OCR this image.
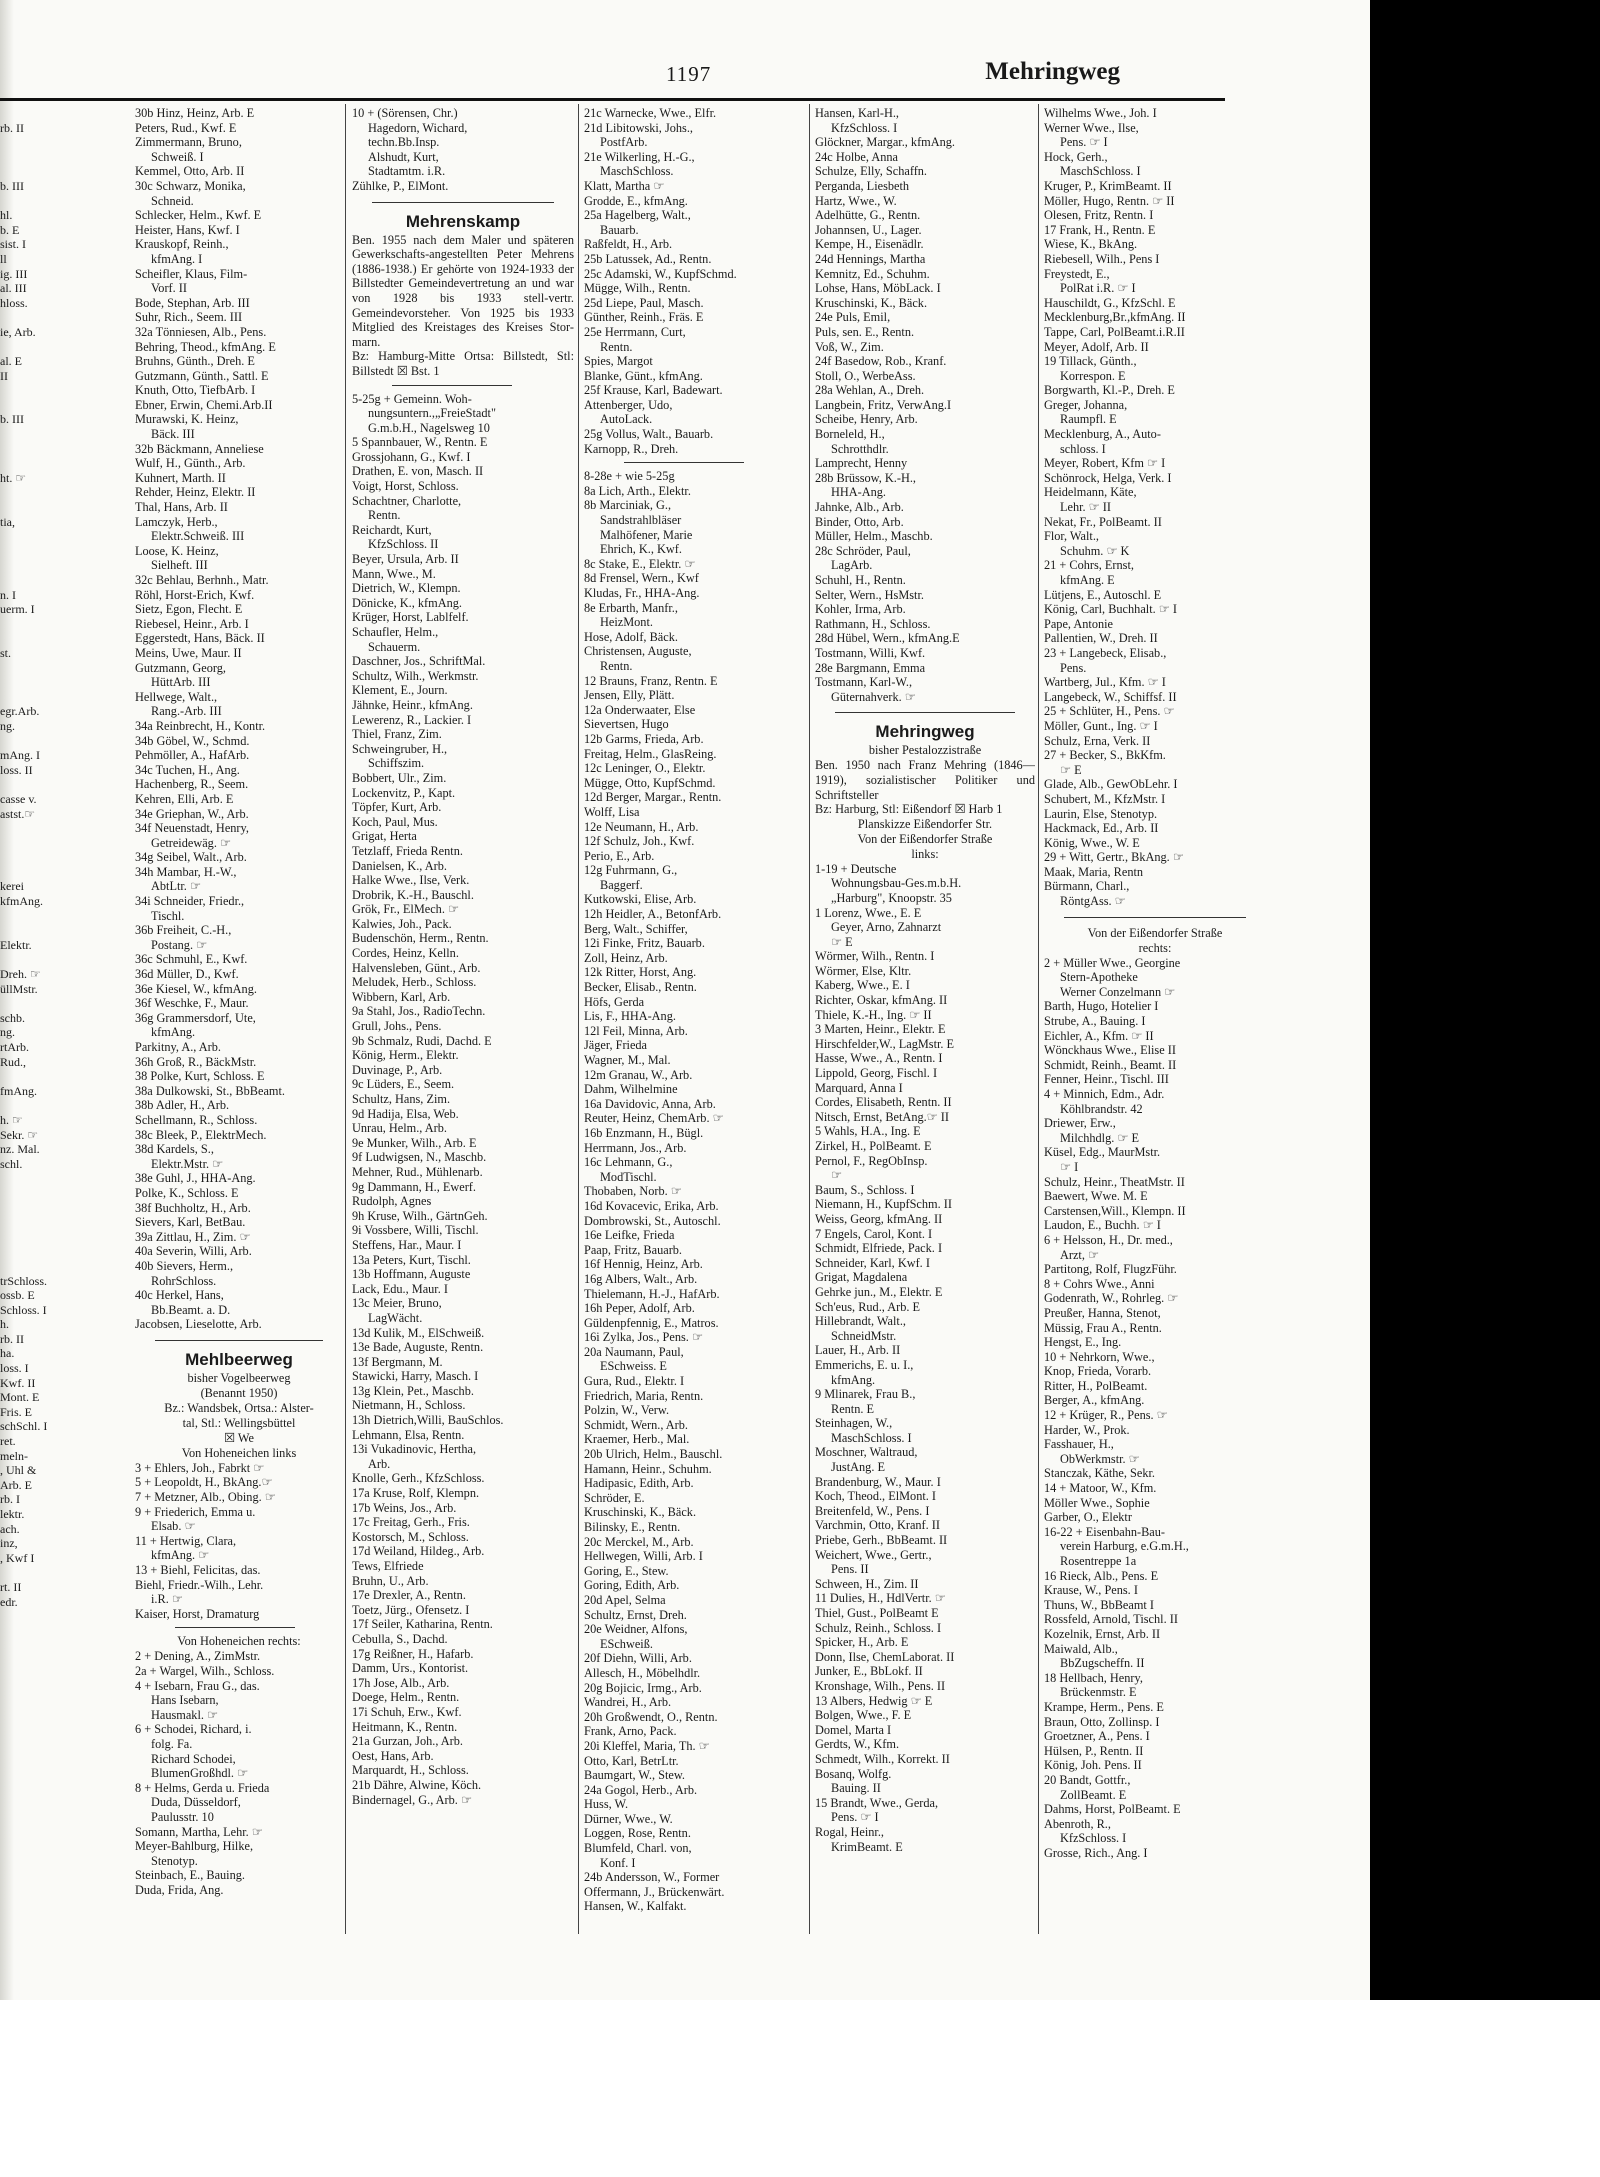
1197	Mehringweg

rb. II

b. III

hl.
b. E
sist. I
ll
ig. III
al. III
hloss.

ie, Arb.

al. E
II

b. III

ht. ☞

tia,

n. I
uerm. I

st.

egr.Arb.
ng.

mAng. I
loss. II

casse v.
astst.☞

kerei
kfmAng.

Elektr.

Dreh. ☞
üllMstr.

schb.
ng.
rtArb.
Rud.,

fmAng.

h. ☞
Sekr. ☞
nz. Mal.
schl.

trSchloss.
ossb. E
Schloss. I
h.
rb. II
ha.
loss. I
Kwf. II
Mont. E
Fris. E
schSchl. I
ret.
meln-
, Uhl &
Arb. E
rb. I
lektr.
ach.
inz,
, Kwf I

rt. II
edr.
30b Hinz, Heinz, Arb. E
Peters, Rud., Kwf. E
Zimmermann, Bruno,
Schweiß. I
Kemmel, Otto, Arb. II
30c Schwarz, Monika,
Schneid.
Schlecker, Helm., Kwf. E
Heister, Hans, Kwf. I
Krauskopf, Reinh.,
kfmAng. I
Scheifler, Klaus, Film-
Vorf. II
Bode, Stephan, Arb. III
Suhr, Rich., Seem. III
32a Tönniesen, Alb., Pens.
Behring, Theod., kfmAng. E
Bruhns, Günth., Dreh. E
Gutzmann, Günth., Sattl. E
Knuth, Otto, TiefbArb. I
Ebner, Erwin, Chemi.Arb.II
Murawski, K. Heinz,
Bäck. III
32b Bäckmann, Anneliese
Wulf, H., Günth., Arb.
Kuhnert, Marth. II
Rehder, Heinz, Elektr. II
Thal, Hans, Arb. II
Lamczyk, Herb.,
Elektr.Schweiß. III
Loose, K. Heinz,
Sielheft. III
32c Behlau, Berhnh., Matr.
Röhl, Horst-Erich, Kwf.
Sietz, Egon, Flecht. E
Riebesel, Heinr., Arb. I
Eggerstedt, Hans, Bäck. II
Meins, Uwe, Maur. II
Gutzmann, Georg,
HüttArb. III
Hellwege, Walt.,
Rang.-Arb. III
34a Reinbrecht, H., Kontr.
34b Göbel, W., Schmd.
Pehmöller, A., HafArb.
34c Tuchen, H., Ang.
Hachenberg, R., Seem.
Kehren, Elli, Arb. E
34e Griephan, W., Arb.
34f Neuenstadt, Henry,
Getreidewäg. ☞
34g Seibel, Walt., Arb.
34h Mambar, H.-W.,
AbtLtr. ☞
34i Schneider, Friedr.,
Tischl.
36b Freiheit, C.-H.,
Postang. ☞
36c Schmuhl, E., Kwf.
36d Müller, D., Kwf.
36e Kiesel, W., kfmAng.
36f Weschke, F., Maur.
36g Grammersdorf, Ute,
kfmAng.
Parkitny, A., Arb.
36h Groß, R., BäckMstr.
38 Polke, Kurt, Schloss. E
38a Dulkowski, St., BbBeamt.
38b Adler, H., Arb.
Schellmann, R., Schloss.
38c Bleek, P., ElektrMech.
38d Kardels, S.,
Elektr.Mstr. ☞
38e Guhl, J., HHA-Ang.
Polke, K., Schloss. E
38f Buchholtz, H., Arb.
Sievers, Karl, BetBau.
39a Zittlau, H., Zim. ☞
40a Severin, Willi, Arb.
40b Sievers, Herm.,
RohrSchloss.
40c Herkel, Hans,
Bb.Beamt. a. D.
Jacobsen, Lieselotte, Arb.
Mehlbeerweg
bisher Vogelbeerweg
(Benannt 1950)
Bz.: Wandsbek, Ortsa.: Alster-
tal, Stl.: Wellingsbüttel
☒ We
Von Hoheneichen links
3 + Ehlers, Joh., Fabrkt ☞
5 + Leopoldt, H., BkAng.☞
7 + Metzner, Alb., Obing. ☞
9 + Friederich, Emma u.
Elsab. ☞
11 + Hertwig, Clara,
kfmAng. ☞
13 + Biehl, Felicitas, das.
Biehl, Friedr.-Wilh., Lehr.
i.R. ☞
Kaiser, Horst, Dramaturg
Von Hoheneichen rechts:
2 + Dening, A., ZimMstr.
2a + Wargel, Wilh., Schloss.
4 + Isebarn, Frau G., das.
Hans Isebarn,
Hausmakl. ☞
6 + Schodei, Richard, i.
folg. Fa.
Richard Schodei,
BlumenGroßhdl. ☞
8 + Helms, Gerda u. Frieda
Duda, Düsseldorf,
Paulusstr. 10
Somann, Martha, Lehr. ☞
Meyer-Bahlburg, Hilke,
Stenotyp.
Steinbach, E., Bauing.
Duda, Frida, Ang.
10 + (Sörensen, Chr.)
Hagedorn, Wichard,
techn.Bb.Insp.
Alshudt, Kurt,
Stadtamtm. i.R.
Zühlke, P., ElMont.
Mehrenskamp
Ben. 1955 nach dem Maler und späteren Gewerkschafts-angestellten Peter Mehrens (1886-1938.) Er gehörte von 1924-1933 der Billstedter Gemeindevertretung an und war von 1928 bis 1933 stell-vertr. Gemeindevorsteher. Von 1925 bis 1933 Mitglied des Kreistages des Kreises Stor-marn.
Bz: Hamburg-Mitte Ortsa: Billstedt, Stl: Billstedt ☒ Bst. 1
5-25g + Gemeinn. Woh-
nungsuntern.,„FreieStadt"
G.m.b.H., Nagelsweg 10
5 Spannbauer, W., Rentn. E
Grossjohann, G., Kwf. I
Drathen, E. von, Masch. II
Voigt, Horst, Schloss.
Schachtner, Charlotte,
Rentn.
Reichardt, Kurt,
KfzSchloss. II
Beyer, Ursula, Arb. II
Mann, Wwe., M.
Dietrich, W., Klempn.
Dönicke, K., kfmAng.
Krüger, Horst, Lablfelf.
Schaufler, Helm.,
Schauerm.
Daschner, Jos., SchriftMal.
Schultz, Wilh., Werkmstr.
Klement, E., Journ.
Jähnke, Heinr., kfmAng.
Lewerenz, R., Lackier. I
Thiel, Franz, Zim.
Schweingruber, H.,
Schiffszim.
Bobbert, Ulr., Zim.
Lockenvitz, P., Kapt.
Töpfer, Kurt, Arb.
Koch, Paul, Mus.
Grigat, Herta
Tetzlaff, Frieda Rentn.
Danielsen, K., Arb.
Halke Wwe., Ilse, Verk.
Drobrik, K.-H., Bauschl.
Grök, Fr., ElMech. ☞
Kalwies, Joh., Pack.
Budenschön, Herm., Rentn.
Cordes, Heinz, Kelln.
Halvensleben, Günt., Arb.
Meludek, Herb., Schloss.
Wibbern, Karl, Arb.
9a Stahl, Jos., RadioTechn.
Grull, Johs., Pens.
9b Schmalz, Rudi, Dachd. E
König, Herm., Elektr.
Duvinage, P., Arb.
9c Lüders, E., Seem.
Schultz, Hans, Zim.
9d Hadija, Elsa, Web.
Unrau, Helm., Arb.
9e Munker, Wilh., Arb. E
9f Ludwigsen, N., Maschb.
Mehner, Rud., Mühlenarb.
9g Dammann, H., Ewerf.
Rudolph, Agnes
9h Kruse, Wilh., GärtnGeh.
9i Vossbere, Willi, Tischl.
Steffens, Har., Maur. I
13a Peters, Kurt, Tischl.
13b Hoffmann, Auguste
Lack, Edu., Maur. I
13c Meier, Bruno,
LagWächt.
13d Kulik, M., ElSchweiß.
13e Bade, Auguste, Rentn.
13f Bergmann, M.
Stawicki, Harry, Masch. I
13g Klein, Pet., Maschb.
Nietmann, H., Schloss.
13h Dietrich,Willi, BauSchlos.
Lehmann, Elsa, Rentn.
13i Vukadinovic, Hertha,
Arb.
Knolle, Gerh., KfzSchloss.
17a Kruse, Rolf, Klempn.
17b Weins, Jos., Arb.
17c Freitag, Gerh., Fris.
Kostorsch, M., Schloss.
17d Weiland, Hildeg., Arb.
Tews, Elfriede
Bruhn, U., Arb.
17e Drexler, A., Rentn.
Toetz, Jürg., Ofensetz. I
17f Seiler, Katharina, Rentn.
Cebulla, S., Dachd.
17g Reißner, H., Hafarb.
Damm, Urs., Kontorist.
17h Jose, Alb., Arb.
Doege, Helm., Rentn.
17i Schuh, Erw., Kwf.
Heitmann, K., Rentn.
21a Gurzan, Joh., Arb.
Oest, Hans, Arb.
Marquardt, H., Schloss.
21b Dähre, Alwine, Köch.
Bindernagel, G., Arb. ☞
21c Warnecke, Wwe., Elfr.
21d Libitowski, Johs.,
PostfArb.
21e Wilkerling, H.-G.,
MaschSchloss.
Klatt, Martha ☞
Grodde, E., kfmAng.
25a Hagelberg, Walt.,
Bauarb.
Raßfeldt, H., Arb.
25b Latussek, Ad., Rentn.
25c Adamski, W., KupfSchmd.
Mügge, Wilh., Rentn.
25d Liepe, Paul, Masch.
Günther, Reinh., Fräs. E
25e Herrmann, Curt,
Rentn.
Spies, Margot
Blanke, Günt., kfmAng.
25f Krause, Karl, Badewart.
Attenberger, Udo,
AutoLack.
25g Vollus, Walt., Bauarb.
Karnopp, R., Dreh.
8-28e + wie 5-25g
8a Lich, Arth., Elektr.
8b Marciniak, G.,
Sandstrahlbläser
Malhöfener, Marie
Ehrich, K., Kwf.
8c Stake, E., Elektr. ☞
8d Frensel, Wern., Kwf
Kludas, Fr., HHA-Ang.
8e Erbarth, Manfr.,
HeizMont.
Hose, Adolf, Bäck.
Christensen, Auguste,
Rentn.
12 Brauns, Franz, Rentn. E
Jensen, Elly, Plätt.
12a Onderwaater, Else
Sievertsen, Hugo
12b Garms, Frieda, Arb.
Freitag, Helm., GlasReing.
12c Leninger, O., Elektr.
Mügge, Otto, KupfSchmd.
12d Berger, Margar., Rentn.
Wolff, Lisa
12e Neumann, H., Arb.
12f Schulz, Joh., Kwf.
Perio, E., Arb.
12g Fuhrmann, G.,
Baggerf.
Kutkowski, Elise, Arb.
12h Heidler, A., BetonfArb.
Berg, Walt., Schiffer,
12i Finke, Fritz, Bauarb.
Zoll, Heinz, Arb.
12k Ritter, Horst, Ang.
Becker, Elisab., Rentn.
Höfs, Gerda
Lis, F., HHA-Ang.
12l Feil, Minna, Arb.
Jäger, Frieda
Wagner, M., Mal.
12m Granau, W., Arb.
Dahm, Wilhelmine
16a Davidovic, Anna, Arb.
Reuter, Heinz, ChemArb. ☞
16b Enzmann, H., Bügl.
Herrmann, Jos., Arb.
16c Lehmann, G.,
ModTischl.
Thobaben, Norb. ☞
16d Kovacevic, Erika, Arb.
Dombrowski, St., Autoschl.
16e Leifke, Frieda
Paap, Fritz, Bauarb.
16f Hennig, Heinz, Arb.
16g Albers, Walt., Arb.
Thielemann, H.-J., HafArb.
16h Peper, Adolf, Arb.
Güldenpfennig, E., Matros.
16i Zylka, Jos., Pens. ☞
20a Naumann, Paul,
ESchweiss. E
Gura, Rud., Elektr. I
Friedrich, Maria, Rentn.
Polzin, W., Verw.
Schmidt, Wern., Arb.
Kraemer, Herb., Mal.
20b Ulrich, Helm., Bauschl.
Hamann, Heinr., Schuhm.
Hadipasic, Edith, Arb.
Schröder, E.
Kruschinski, K., Bäck.
Bilinsky, E., Rentn.
20c Merckel, M., Arb.
Hellwegen, Willi, Arb. I
Goring, E., Stew.
Goring, Edith, Arb.
20d Apel, Selma
Schultz, Ernst, Dreh.
20e Weidner, Alfons,
ESchweiß.
20f Diehn, Willi, Arb.
Allesch, H., Möbelhdlr.
20g Bojicic, Irmg., Arb.
Wandrei, H., Arb.
20h Großwendt, O., Rentn.
Frank, Arno, Pack.
20i Kleffel, Maria, Th. ☞
Otto, Karl, BetrLtr.
Baumgart, W., Stew.
24a Gogol, Herb., Arb.
Huss, W.
Dürner, Wwe., W.
Loggen, Rose, Rentn.
Blumfeld, Charl. von,
Konf. I
24b Andersson, W., Former
Offermann, J., Brückenwärt.
Hansen, W., Kalfakt.
Hansen, Karl-H.,
KfzSchloss. I
Glöckner, Margar., kfmAng.
24c Holbe, Anna
Schulze, Elly, Schaffn.
Perganda, Liesbeth
Hartz, Wwe., W.
Adelhütte, G., Rentn.
Johannsen, U., Lager.
Kempe, H., Eisenädlr.
24d Hennings, Martha
Kemnitz, Ed., Schuhm.
Lohse, Hans, MöbLack. I
Kruschinski, K., Bäck.
24e Puls, Emil,
Puls, sen. E., Rentn.
Voß, W., Zim.
24f Basedow, Rob., Kranf.
Stoll, O., WerbeAss.
28a Wehlan, A., Dreh.
Langbein, Fritz, VerwAng.I
Scheibe, Henry, Arb.
Borneleld, H.,
Schrotthdlr.
Lamprecht, Henny
28b Brüssow, K.-H.,
HHA-Ang.
Jahnke, Alb., Arb.
Binder, Otto, Arb.
Müller, Helm., Maschb.
28c Schröder, Paul,
LagArb.
Schuhl, H., Rentn.
Selter, Wern., HsMstr.
Kohler, Irma, Arb.
Rathmann, H., Schloss.
28d Hübel, Wern., kfmAng.E
Tostmann, Willi, Kwf.
28e Bargmann, Emma
Tostmann, Karl-W.,
Güternahverk. ☞
Mehringweg
bisher Pestalozzistraße
Ben. 1950 nach Franz Mehring (1846—1919), sozialistischer Politiker und Schriftsteller
Bz: Harburg, Stl: Eißendorf ☒ Harb 1
Planskizze Eißendorfer Str.
Von der Eißendorfer Straße
links:
1-19 + Deutsche
Wohnungsbau-Ges.m.b.H.
„Harburg", Knoopstr. 35
1 Lorenz, Wwe., E. E
Geyer, Arno, Zahnarzt
☞ E
Wörmer, Wilh., Rentn. I
Wörmer, Else, Kltr.
Kaberg, Wwe., E. I
Richter, Oskar, kfmAng. II
Thiele, K.-H., Ing. ☞ II
3 Marten, Heinr., Elektr. E
Hirschfelder,W., LagMstr. E
Hasse, Wwe., A., Rentn. I
Lippold, Georg, Fischl. I
Marquard, Anna I
Cordes, Elisabeth, Rentn. II
Nitsch, Ernst, BetAng.☞ II
5 Wahls, H.A., Ing. E
Zirkel, H., PolBeamt. E
Pernol, F., RegObInsp.
☞
Baum, S., Schloss. I
Niemann, H., KupfSchm. II
Weiss, Georg, kfmAng. II
7 Engels, Carol, Kont. I
Schmidt, Elfriede, Pack. I
Schneider, Karl, Kwf. I
Grigat, Magdalena
Gehrke jun., M., Elektr. E
Sch'eus, Rud., Arb. E
Hillebrandt, Walt.,
SchneidMstr.
Lauer, H., Arb. II
Emmerichs, E. u. I.,
kfmAng.
9 Mlinarek, Frau B.,
Rentn. E
Steinhagen, W.,
MaschSchloss. I
Moschner, Waltraud,
JustAng. E
Brandenburg, W., Maur. I
Koch, Theod., ElMont. I
Breitenfeld, W., Pens. I
Varchmin, Otto, Kranf. II
Priebe, Gerh., BbBeamt. II
Weichert, Wwe., Gertr.,
Pens. II
Schween, H., Zim. II
11 Dulies, H., HdlVertr. ☞
Thiel, Gust., PolBeamt E
Schulz, Reinh., Schloss. I
Spicker, H., Arb. E
Donn, Ilse, ChemLaborat. II
Junker, E., BbLokf. II
Kronshage, Wilh., Pens. II
13 Albers, Hedwig ☞ E
Bolgen, Wwe., F. E
Domel, Marta I
Gerdts, W., Kfm.
Schmedt, Wilh., Korrekt. II
Bosanq, Wolfg.
Bauing. II
15 Brandt, Wwe., Gerda,
Pens. ☞ I
Rogal, Heinr.,
KrimBeamt. E
Wilhelms Wwe., Joh. I
Werner Wwe., Ilse,
Pens. ☞ I
Hock, Gerh.,
MaschSchloss. I
Kruger, P., KrimBeamt. II
Möller, Hugo, Rentn. ☞ II
Olesen, Fritz, Rentn. I
17 Frank, H., Rentn. E
Wiese, K., BkAng.
Riebesell, Wilh., Pens I
Freystedt, E.,
PolRat i.R. ☞ I
Hauschildt, G., KfzSchl. E
Mecklenburg,Br.,kfmAng. II
Tappe, Carl, PolBeamt.i.R.II
Meyer, Adolf, Arb. II
19 Tillack, Günth.,
Korrespon. E
Borgwarth, Kl.-P., Dreh. E
Greger, Johanna,
Raumpfl. E
Mecklenburg, A., Auto-
schloss. I
Meyer, Robert, Kfm ☞ I
Schönrock, Helga, Verk. I
Heidelmann, Käte,
Lehr. ☞ II
Nekat, Fr., PolBeamt. II
Flor, Walt.,
Schuhm. ☞ K
21 + Cohrs, Ernst,
kfmAng. E
Lütjens, E., Autoschl. E
König, Carl, Buchhalt. ☞ I
Pape, Antonie
Pallentien, W., Dreh. II
23 + Langebeck, Elisab.,
Pens.
Wartberg, Jul., Kfm. ☞ I
Langebeck, W., Schiffsf. II
25 + Schlüter, H., Pens. ☞
Möller, Gunt., Ing. ☞ I
Schulz, Erna, Verk. II
27 + Becker, S., BkKfm.
☞ E
Glade, Alb., GewObLehr. I
Schubert, M., KfzMstr. I
Laurin, Else, Stenotyp.
Hackmack, Ed., Arb. II
König, Wwe., W. E
29 + Witt, Gertr., BkAng. ☞
Maak, Maria, Rentn
Bürmann, Charl.,
RöntgAss. ☞
Von der Eißendorfer Straße
rechts:
2 + Müller Wwe., Georgine
Stern-Apotheke
Werner Conzelmann ☞
Barth, Hugo, Hotelier I
Strube, A., Bauing. I
Eichler, A., Kfm. ☞ II
Wönckhaus Wwe., Elise II
Schmidt, Reinh., Beamt. II
Fenner, Heinr., Tischl. III
4 + Minnich, Edm., Adr.
Köhlbrandstr. 42
Driewer, Erw.,
Milchhdlg. ☞ E
Küsel, Edg., MaurMstr.
☞ I
Schulz, Heinr., TheatMstr. II
Baewert, Wwe. M. E
Carstensen,Will., Klempn. II
Laudon, E., Buchh. ☞ I
6 + Helsson, H., Dr. med.,
Arzt, ☞
Partitong, Rolf, FlugzFühr.
8 + Cohrs Wwe., Anni
Godenrath, W., Rohrleg. ☞
Preußer, Hanna, Stenot,
Müssig, Frau A., Rentn.
Hengst, E., Ing.
10 + Nehrkorn, Wwe.,
Knop, Frieda, Vorarb.
Ritter, H., PolBeamt.
Berger, A., kfmAng.
12 + Krüger, R., Pens. ☞
Harder, W., Prok.
Fasshauer, H.,
ObWerkmstr. ☞
Stanczak, Käthe, Sekr.
14 + Matoor, W., Kfm.
Möller Wwe., Sophie
Garber, O., Elektr
16-22 + Eisenbahn-Bau-
verein Harburg, e.G.m.H.,
Rosentreppe 1a
16 Rieck, Alb., Pens. E
Krause, W., Pens. I
Thuns, W., BbBeamt I
Rossfeld, Arnold, Tischl. II
Kozelnik, Ernst, Arb. II
Maiwald, Alb.,
BbZugscheffn. II
18 Hellbach, Henry,
Brückenmstr. E
Krampe, Herm., Pens. E
Braun, Otto, Zollinsp. I
Groetzner, A., Pens. I
Hülsen, P., Rentn. II
König, Joh. Pens. II
20 Bandt, Gottfr.,
ZollBeamt. E
Dahms, Horst, PolBeamt. E
Abenroth, R.,
KfzSchloss. I
Grosse, Rich., Ang. I
